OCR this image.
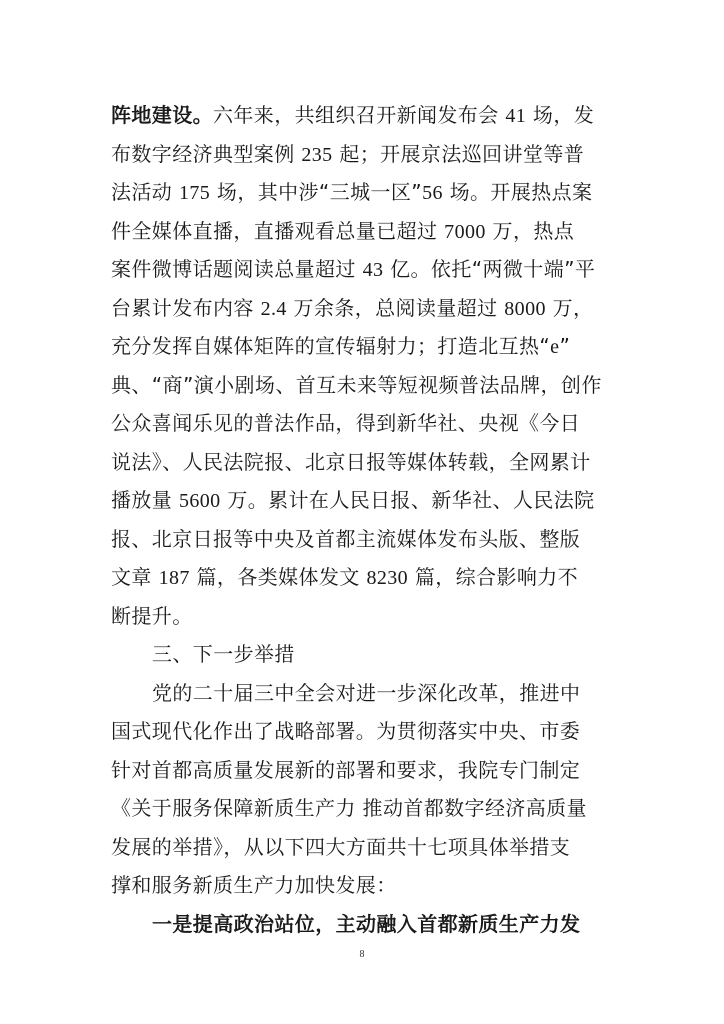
阵地建设。六年来，共组织召开新闻发布会 41 场，发
布数字经济典型案例 235 起；开展京法巡回讲堂等普
法活动 175 场，其中涉“三城一区”56 场。开展热点案
件全媒体直播，直播观看总量已超过 7000 万，热点
案件微博话题阅读总量超过 43 亿。依托“两微十端”平
台累计发布内容 2.4 万余条，总阅读量超过 8000 万，
充分发挥自媒体矩阵的宣传辐射力；打造北互热“e”
典、“商”演小剧场、首互未来等短视频普法品牌，创作
公众喜闻乐见的普法作品，得到新华社、央视《今日
说法》、人民法院报、北京日报等媒体转载，全网累计
播放量 5600 万。累计在人民日报、新华社、人民法院
报、北京日报等中央及首都主流媒体发布头版、整版
文章 187 篇，各类媒体发文 8230 篇，综合影响力不
断提升。
三、下一步举措
党的二十届三中全会对进一步深化改革，推进中
国式现代化作出了战略部署。为贯彻落实中央、市委
针对首都高质量发展新的部署和要求，我院专门制定
《关于服务保障新质生产力 推动首都数字经济高质量
发展的举措》，从以下四大方面共十七项具体举措支
撑和服务新质生产力加快发展：
一是提高政治站位，主动融入首都新质生产力发
8
